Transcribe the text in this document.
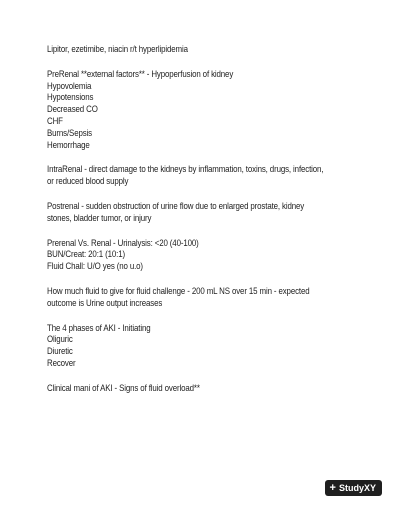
Lipitor, ezetimibe, niacin r/t hyperlipidemia
PreRenal **external factors** - Hypoperfusion of kidney
Hypovolemia
Hypotensions
Decreased CO
CHF
Burns/Sepsis
Hemorrhage
IntraRenal - direct damage to the kidneys by inflammation, toxins, drugs, infection,
or reduced blood supply
Postrenal - sudden obstruction of urine flow due to enlarged prostate, kidney
stones, bladder tumor, or injury
Prerenal Vs. Renal - Urinalysis: <20 (40-100)
BUN/Creat: 20:1 (10:1)
Fluid Chall: U/O yes (no u.o)
How much fluid to give for fluid challenge - 200 mL NS over 15 min - expected
outcome is Urine output increases
The 4 phases of AKI - Initiating
Oliguric
Diuretic
Recover
Clinical mani of AKI - Signs of fluid overload**
+ StudyXY
